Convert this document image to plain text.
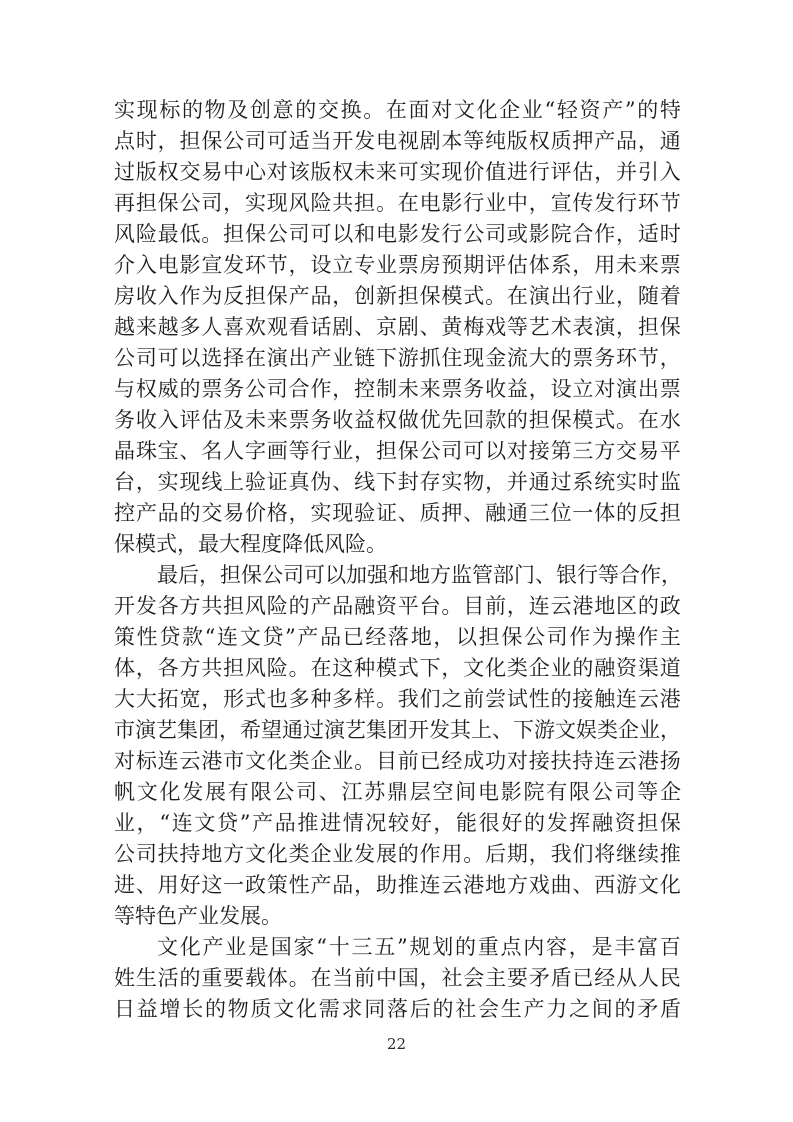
实 现 标 的 物 及 创 意 的 交 换 。 在 面 对 文 化 企 业 “ 轻 资 产 ” 的 特
点 时 ， 担 保 公 司 可 适 当 开 发 电 视 剧 本 等 纯 版 权 质 押 产 品 ， 通
过 版 权 交 易 中 心 对 该 版 权 未 来 可 实 现 价 值 进 行 评 估 ， 并 引 入
再 担 保 公 司 ， 实 现 风 险 共 担 。 在 电 影 行 业 中 ， 宣 传 发 行 环 节
风 险 最 低 。 担 保 公 司 可 以 和 电 影 发 行 公 司 或 影 院 合 作 ， 适 时
介 入 电 影 宣 发 环 节 ， 设 立 专 业 票 房 预 期 评 估 体 系 ， 用 未 来 票
房 收 入 作 为 反 担 保 产 品 ， 创 新 担 保 模 式 。 在 演 出 行 业 ， 随 着
越 来 越 多 人 喜 欢 观 看 话 剧 、 京 剧 、 黄 梅 戏 等 艺 术 表 演 ， 担 保
公 司 可 以 选 择 在 演 出 产 业 链 下 游 抓 住 现 金 流 大 的 票 务 环 节 ，
与 权 威 的 票 务 公 司 合 作 ， 控 制 未 来 票 务 收 益 ， 设 立 对 演 出 票
务 收 入 评 估 及 未 来 票 务 收 益 权 做 优 先 回 款 的 担 保 模 式 。 在 水
晶 珠 宝 、 名 人 字 画 等 行 业 ， 担 保 公 司 可 以 对 接 第 三 方 交 易 平
台 ， 实 现 线 上 验 证 真 伪 、 线 下 封 存 实 物 ， 并 通 过 系 统 实 时 监
控 产 品 的 交 易 价 格 ， 实 现 验 证 、 质 押 、 融 通 三 位 一 体 的 反 担
保模式，最大程度降低风险。
最 后 ， 担 保 公 司 可 以 加 强 和 地 方 监 管 部 门 、 银 行 等 合 作 ，
开 发 各 方 共 担 风 险 的 产 品 融 资 平 台 。 目 前 ， 连 云 港 地 区 的 政
策 性 贷 款 “ 连 文 贷 ” 产 品 已 经 落 地 ， 以 担 保 公 司 作 为 操 作 主
体 ， 各 方 共 担 风 险 。 在 这 种 模 式 下 ， 文 化 类 企 业 的 融 资 渠 道
大 大 拓 宽 ， 形 式 也 多 种 多 样 。 我 们 之 前 尝 试 性 的 接 触 连 云 港
市 演 艺 集 团 ， 希 望 通 过 演 艺 集 团 开 发 其 上 、 下 游 文 娱 类 企 业 ，
对 标 连 云 港 市 文 化 类 企 业 。 目 前 已 经 成 功 对 接 扶 持 连 云 港 扬
帆 文 化 发 展 有 限 公 司 、 江 苏 鼎 层 空 间 电 影 院 有 限 公 司 等 企
业 ， “ 连 文 贷 ” 产 品 推 进 情 况 较 好 ， 能 很 好 的 发 挥 融 资 担 保
公 司 扶 持 地 方 文 化 类 企 业 发 展 的 作 用 。 后 期 ， 我 们 将 继 续 推
进 、 用 好 这 一 政 策 性 产 品 ， 助 推 连 云 港 地 方 戏 曲 、 西 游 文 化
等特色产业发展。
文 化 产 业 是 国 家 “ 十 三 五 ” 规 划 的 重 点 内 容 ， 是 丰 富 百
姓 生 活 的 重 要 载 体 。 在 当 前 中 国 ， 社 会 主 要 矛 盾 已 经 从 人 民
日 益 增 长 的 物 质 文 化 需 求 同 落 后 的 社 会 生 产 力 之 间 的 矛 盾
22
